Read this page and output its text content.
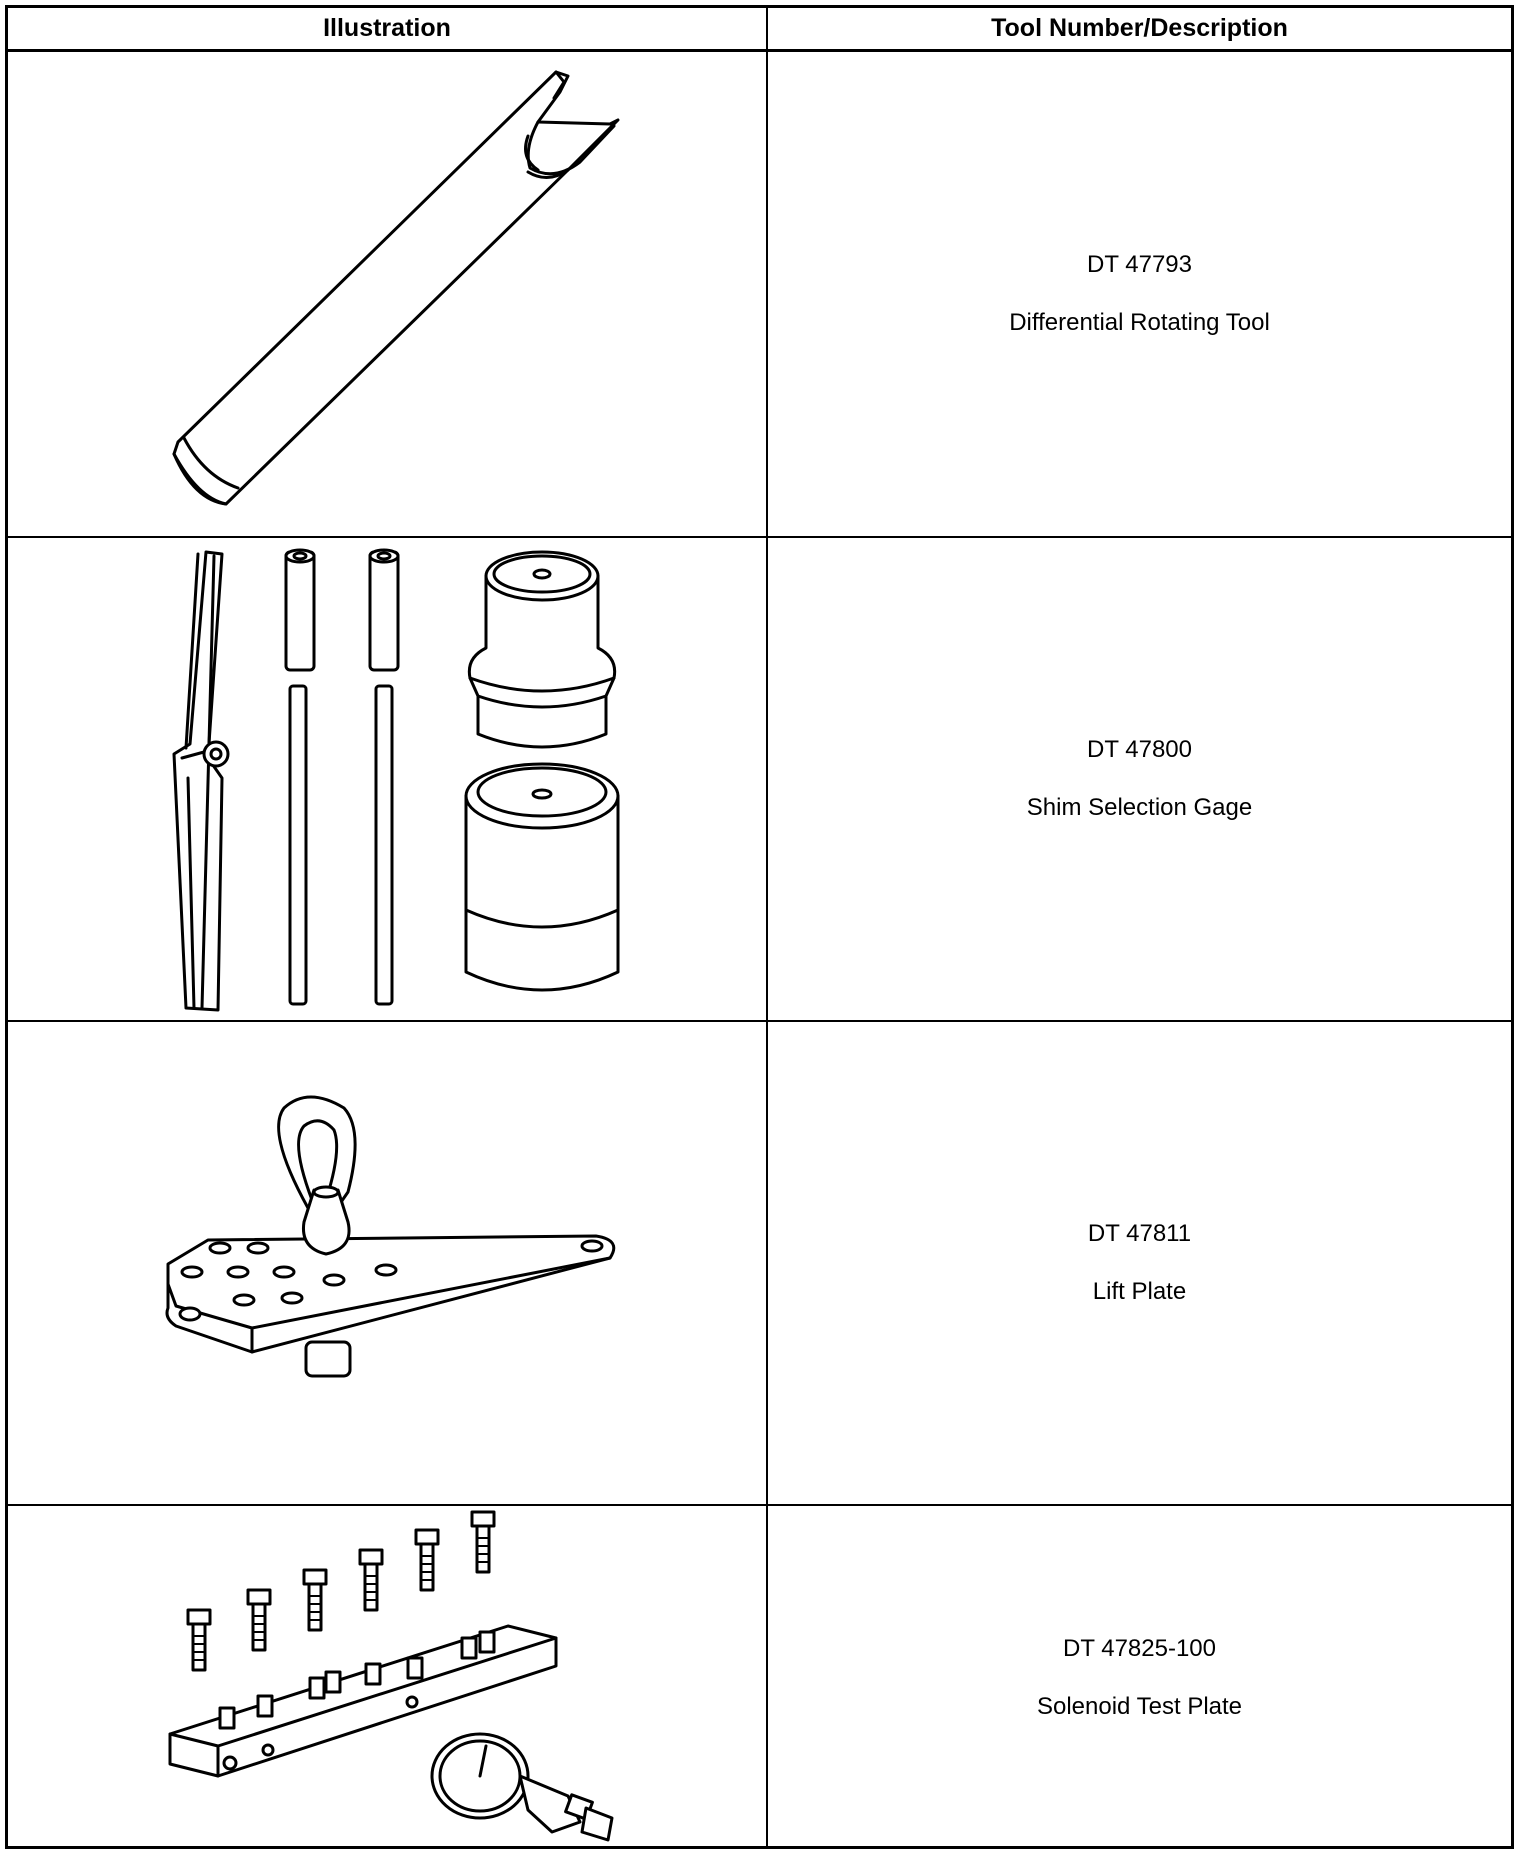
Illustration	Tool Number/Description
DT 47793
Differential Rotating Tool
DT 47800
Shim Selection Gage
DT 47811
Lift Plate
DT 47825-100
Solenoid Test Plate
